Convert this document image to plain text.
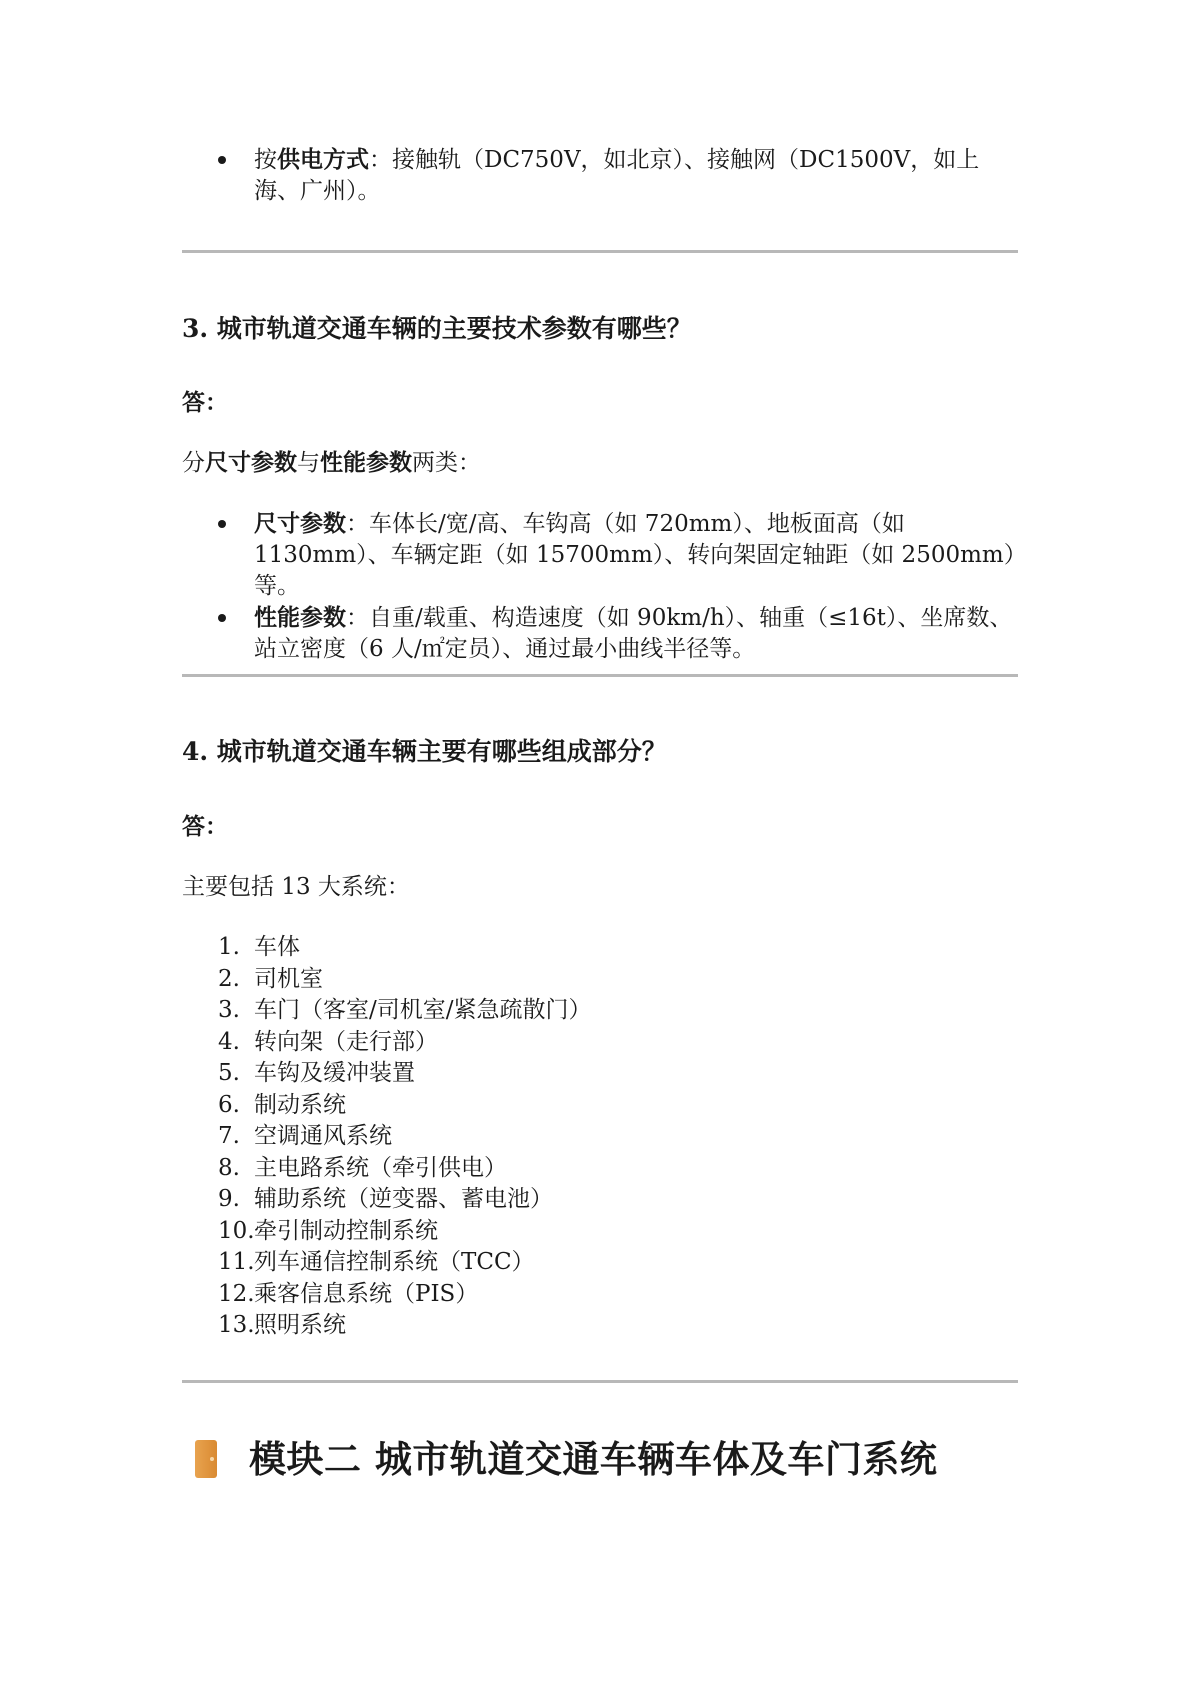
按供电方式：接触轨（DC750V，如北京）、接触网（DC1500V，如上海、广州）。
3. 城市轨道交通车辆的主要技术参数有哪些？
答：
分尺寸参数与性能参数两类：
尺寸参数：车体长/宽/高、车钩高（如 720mm）、地板面高（如 1130mm）、车辆定距（如 15700mm）、转向架固定轴距（如 2500mm）等。
性能参数：自重/载重、构造速度（如 90km/h）、轴重（≤16t）、坐席数、站立密度（6 人/㎡定员）、通过最小曲线半径等。
4. 城市轨道交通车辆主要有哪些组成部分？
答：
主要包括 13 大系统：
1. 车体
2. 司机室
3. 车门（客室/司机室/紧急疏散门）
4. 转向架（走行部）
5. 车钩及缓冲装置
6. 制动系统
7. 空调通风系统
8. 主电路系统（牵引供电）
9. 辅助系统（逆变器、蓄电池）
10. 牵引制动控制系统
11. 列车通信控制系统（TCC）
12. 乘客信息系统（PIS）
13. 照明系统
模块二 城市轨道交通车辆车体及车门系统
